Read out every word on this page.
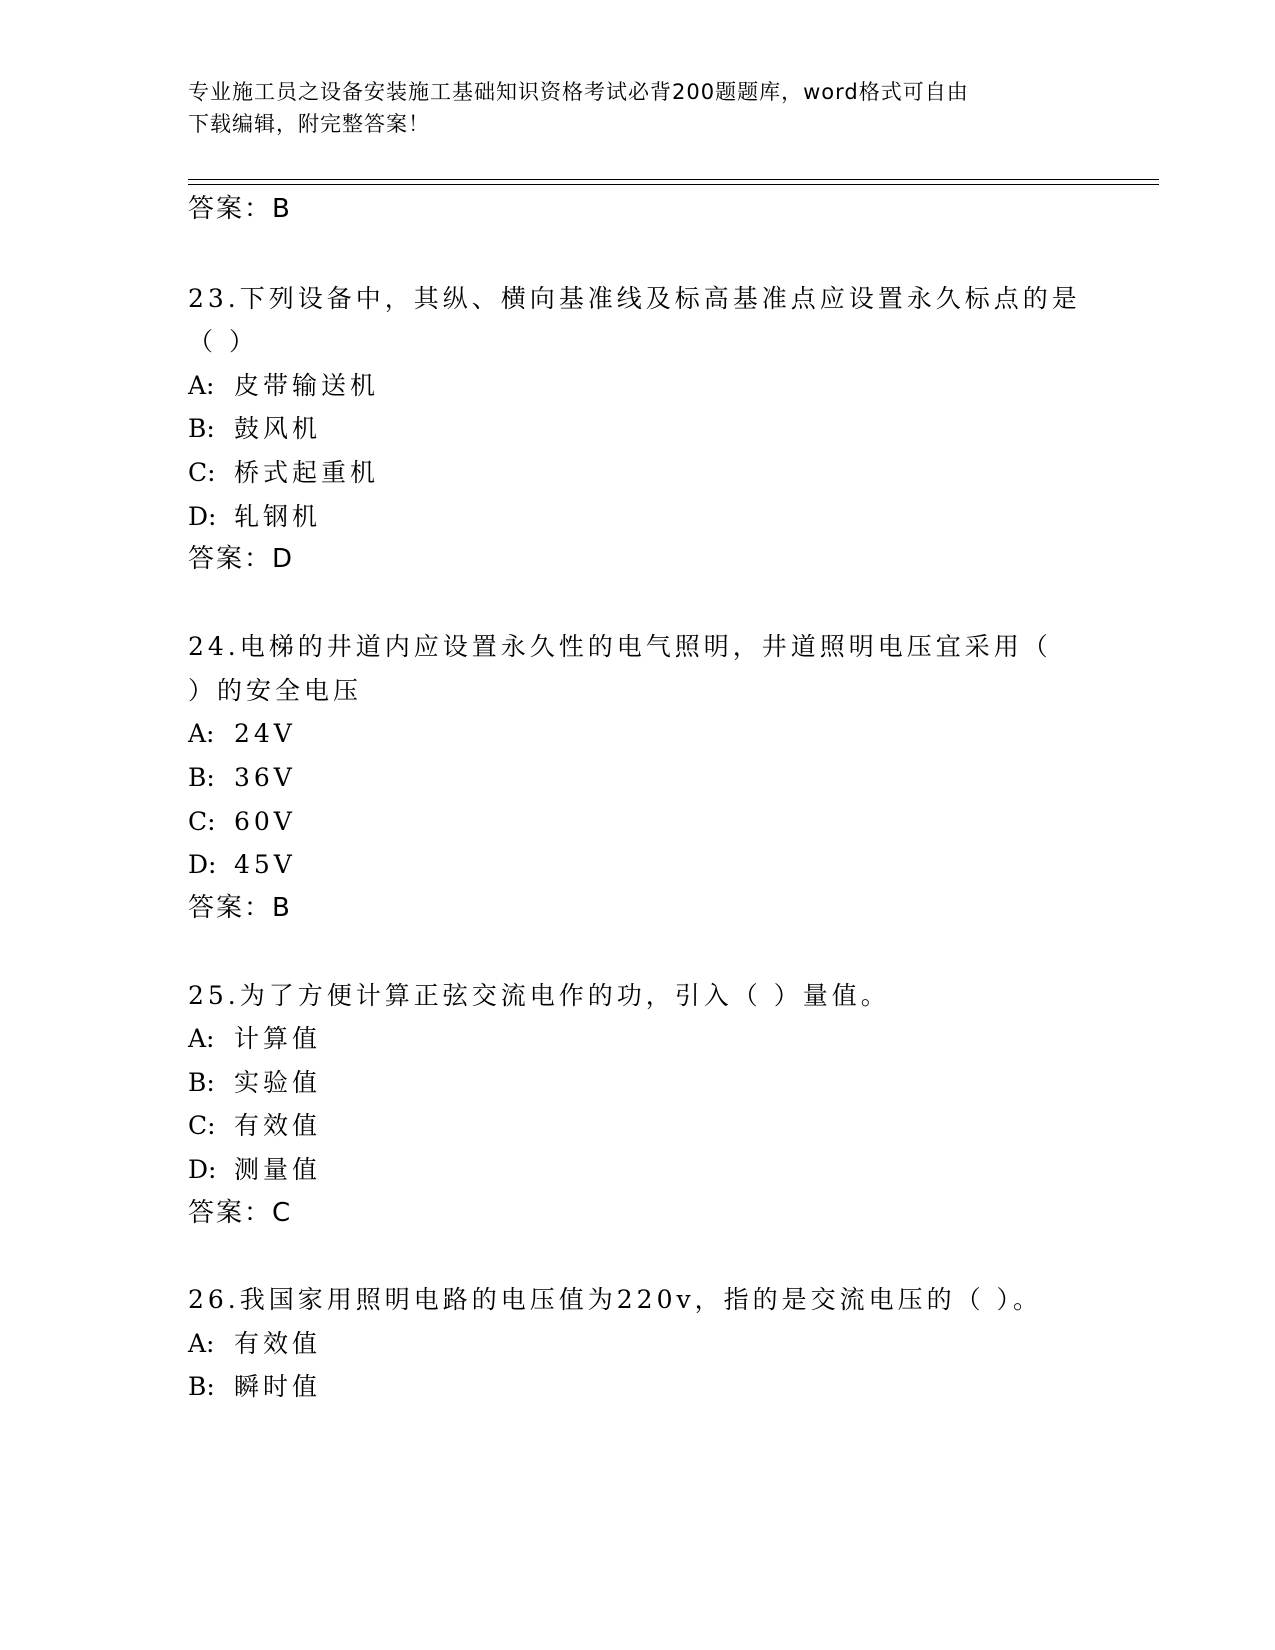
专业施工员之设备安装施工基础知识资格考试必背200题题库，word格式可自由
下载编辑，附完整答案！
答案：B
23.下列设备中，其纵、横向基准线及标高基准点应设置永久标点的是
（ ）
A: 皮带输送机
B: 鼓风机
C: 桥式起重机
D: 轧钢机
答案：D
24.电梯的井道内应设置永久性的电气照明，井道照明电压宜采用（
）的安全电压
A: 24V
B: 36V
C: 60V
D: 45V
答案：B
25.为了方便计算正弦交流电作的功，引入（ ）量值。
A: 计算值
B: 实验值
C: 有效值
D: 测量值
答案：C
26.我国家用照明电路的电压值为220v，指的是交流电压的（ ）。
A: 有效值
B: 瞬时值
